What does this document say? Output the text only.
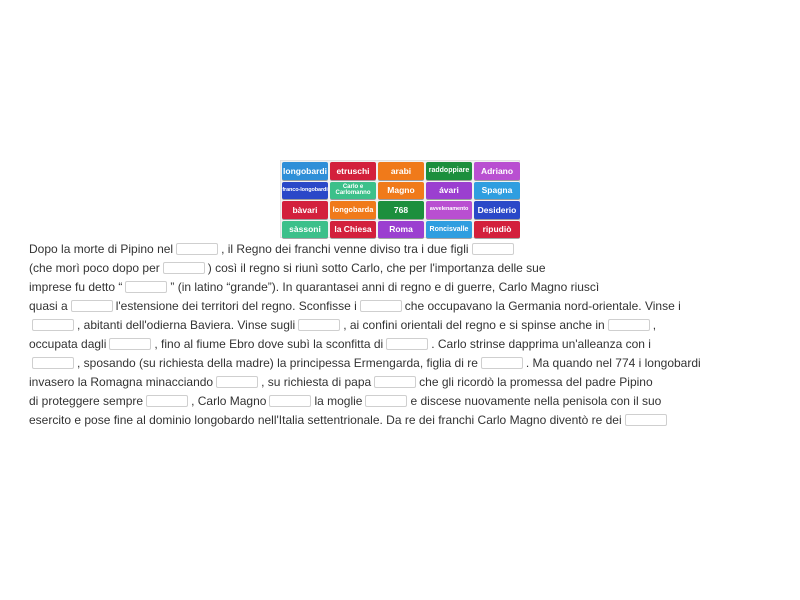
longobardi	etruschi	arabi	raddoppiare	Adriano
franco-longobardi	Carlo e Carlomanno	Magno	ávari	Spagna
bàvari	longobarda	768	avvelenamento	Desiderio
sàssoni	la Chiesa	Roma	Roncisvalle	ripudiò
Dopo la morte di Pipino nel	, il Regno dei franchi venne diviso tra i due figli
(che morì poco dopo per	) così il regno si riunì sotto Carlo, che per l'importanza delle sue
imprese fu detto “	” (in latino “grande”). In quarantasei anni di regno e di guerre, Carlo Magno riuscì
quasi a	l'estensione dei territori del regno. Sconfisse i	che occupavano la Germania nord-orientale. Vinse i
, abitanti dell'odierna Baviera. Vinse sugli	, ai confini orientali del regno e si spinse anche in	,
occupata dagli	, fino al fiume Ebro dove subì la sconfitta di	. Carlo strinse dapprima un'alleanza con i
, sposando (su richiesta della madre) la principessa Ermengarda, figlia di re	. Ma quando nel 774 i longobardi
invasero la Romagna minacciando	, su richiesta di papa	che gli ricordò la promessa del padre Pipino
di proteggere sempre	, Carlo Magno	la moglie	e discese nuovamente nella penisola con il suo
esercito e pose fine al dominio longobardo nell'Italia settentrionale. Da re dei franchi Carlo Magno diventò re dei
